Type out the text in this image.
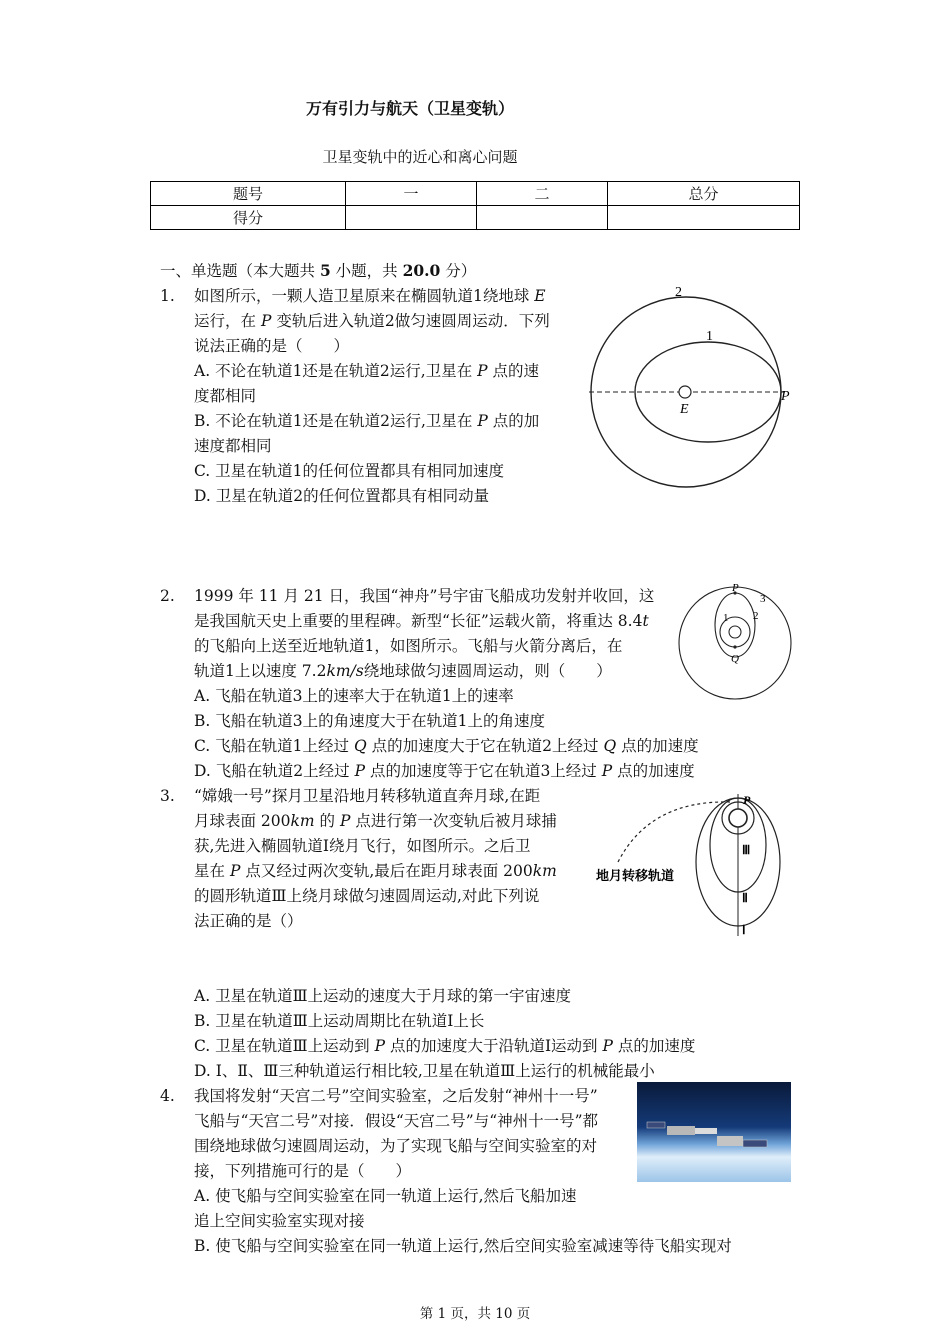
万有引力与航天（卫星变轨）
卫星变轨中的近心和离心问题
题号	一	二	总分
得分			
一、单选题（本大题共 5 小题，共 20.0 分）
1. 如图所示，一颗人造卫星原来在椭圆轨道1绕地球 E
运行，在 P 变轨后进入轨道2做匀速圆周运动．下列
说法正确的是（　　）
A. 不论在轨道1还是在轨道2运行,卫星在 P 点的速
度都相同
B. 不论在轨道1还是在轨道2运行,卫星在 P 点的加
速度都相同
C. 卫星在轨道1的任何位置都具有相同加速度
D. 卫星在轨道2的任何位置都具有相同动量
2
1
E
P
2. 1999 年 11 月 21 日，我国“神舟”号宇宙飞船成功发射并收回，这
是我国航天史上重要的里程碑。新型“长征”运载火箭，将重达 8.4t
的飞船向上送至近地轨道1，如图所示。飞船与火箭分离后，在
轨道1上以速度 7.2km/s绕地球做匀速圆周运动，则（　　）
A. 飞船在轨道3上的速率大于在轨道1上的速率
B. 飞船在轨道3上的角速度大于在轨道1上的角速度
C. 飞船在轨道1上经过 Q 点的加速度大于它在轨道2上经过 Q 点的加速度
D. 飞船在轨道2上经过 P 点的加速度等于它在轨道3上经过 P 点的加速度
P
Q
1 2
3
3. “嫦娥一号”探月卫星沿地月转移轨道直奔月球,在距
月球表面 200km 的 P 点进行第一次变轨后被月球捕
获,先进入椭圆轨道Ⅰ绕月飞行，如图所示。之后卫
星在 P 点又经过两次变轨,最后在距月球表面 200km
的圆形轨道Ⅲ上绕月球做匀速圆周运动,对此下列说
法正确的是（）
P
地月转移轨道
Ⅲ
Ⅱ
Ⅰ
A. 卫星在轨道Ⅲ上运动的速度大于月球的第一宇宙速度
B. 卫星在轨道Ⅲ上运动周期比在轨道Ⅰ上长
C. 卫星在轨道Ⅲ上运动到 P 点的加速度大于沿轨道Ⅰ运动到 P 点的加速度
D. Ⅰ、Ⅱ、Ⅲ三种轨道运行相比较,卫星在轨道Ⅲ上运行的机械能最小
4. 我国将发射“天宫二号”空间实验室，之后发射“神州十一号”
飞船与“天宫二号”对接．假设“天宫二号”与“神州十一号”都
围绕地球做匀速圆周运动，为了实现飞船与空间实验室的对
接，下列措施可行的是（　　）
A. 使飞船与空间实验室在同一轨道上运行,然后飞船加速
追上空间实验室实现对接
B. 使飞船与空间实验室在同一轨道上运行,然后空间实验室减速等待飞船实现对
第 1 页，共 10 页
